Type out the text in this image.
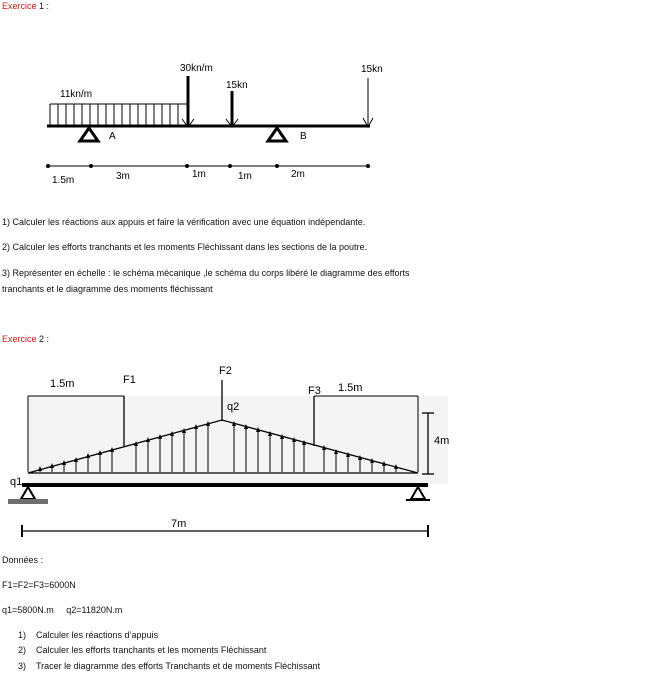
Exercice 1 :
11kn/m
30kn/m
15kn
15kn
A	B
1.5m	3m	1m	1m	2m
1) Calculer les réactions aux appuis et faire la vérification avec une équation indépendante.
2) Calculer les efforts tranchants et les moments Fléchissant dans les sections de la poutre.
3) Représenter en échelle : le schéma mécanique ,le schéma du corps libéré le diagramme des efforts
tranchants et le diagramme des moments fléchissant
Exercice 2 :
1.5m	F1
F2
F3 1.5m
q2
q1
4m
7m
Données :
F1=F2=F3=6000N
q1=5800N.m     q2=11820N.m
1) Calculer les réactions d’appuis
2) Calculer les efforts tranchants et les moments Fléchissant
3) Tracer le diagramme des efforts Tranchants et de moments Fléchissant
